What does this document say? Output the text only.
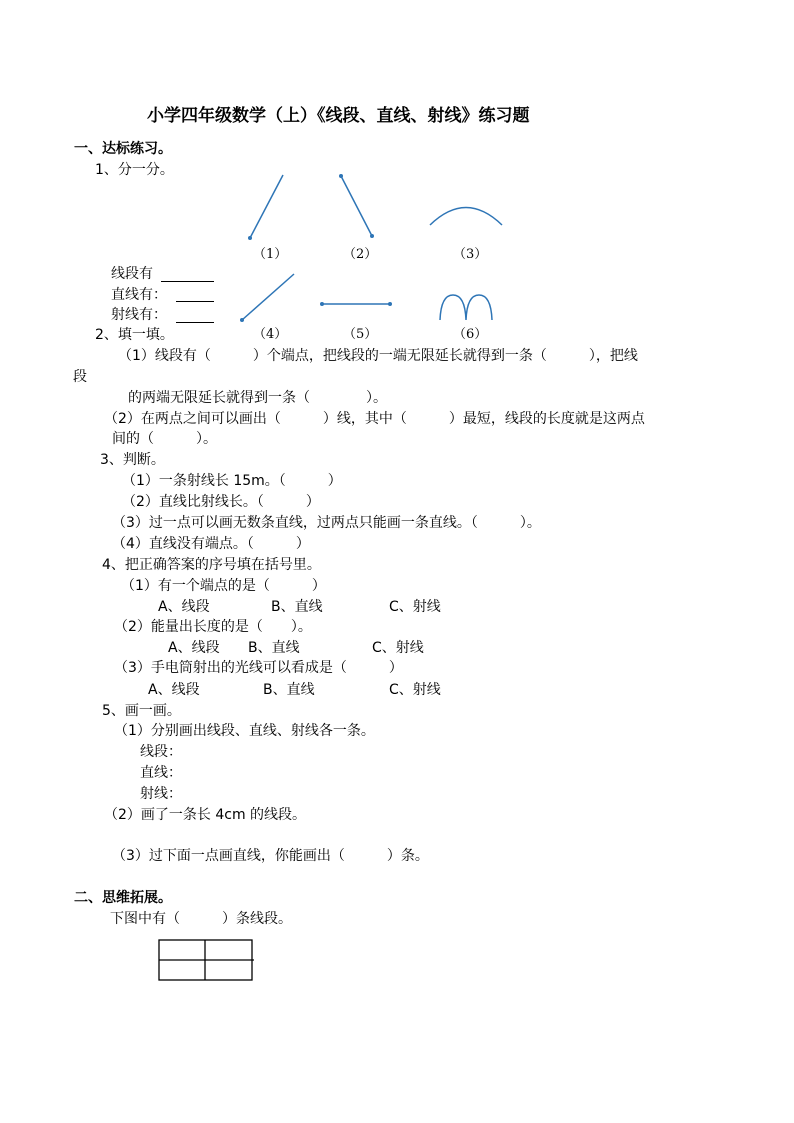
小学四年级数学（上）《线段、直线、射线》练习题
一、达标练习。
1、分一分。
（1）	（2）	（3）
（4）	（5）	（6）
线段有
直线有：
射线有：
2、填一填。
（1）线段有（　　　）个端点，把线段的一端无限延长就得到一条（　　　），把线
段
的两端无限延长就得到一条（　　　　）。
（2）在两点之间可以画出（　　　）线，其中（　　　）最短，线段的长度就是这两点
间的（　　　）。
3、判断。
（1）一条射线长 15m。（　　　）
（2）直线比射线长。（　　　）
（3）过一点可以画无数条直线，过两点只能画一条直线。（　　　）。
（4）直线没有端点。（　　　）
4、把正确答案的序号填在括号里。
（1）有一个端点的是（　　　）
A、线段	B、直线	C、射线
（2）能量出长度的是（　　）。
A、线段 B、直线	C、射线
（3）手电筒射出的光线可以看成是（　　　）
A、线段	B、直线	C、射线
5、画一画。
（1）分别画出线段、直线、射线各一条。
线段：
直线：
射线：
（2）画了一条长 4cm 的线段。
（3）过下面一点画直线，你能画出（　　　）条。
二、思维拓展。
下图中有（　　　）条线段。
